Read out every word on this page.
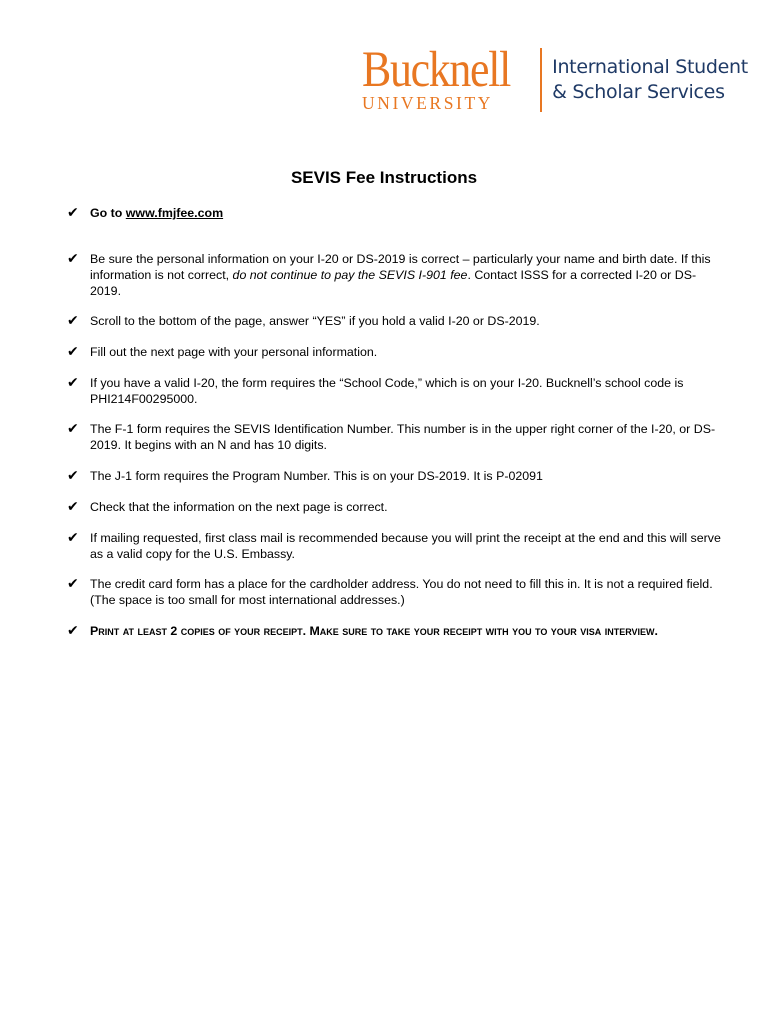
Bucknell
UNIVERSITY
International Student
& Scholar Services
SEVIS Fee Instructions
✔ Go to www.fmjfee.com
✔ Be sure the personal information on your I-20 or DS-2019 is correct – particularly your name and birth date. If this information is not correct, do not continue to pay the SEVIS I-901 fee. Contact ISSS for a corrected I-20 or DS-2019.
✔ Scroll to the bottom of the page, answer “YES” if you hold a valid I-20 or DS-2019.
✔ Fill out the next page with your personal information.
✔ If you have a valid I-20, the form requires the “School Code,” which is on your I-20. Bucknell’s school code is PHI214F00295000.
✔ The F-1 form requires the SEVIS Identification Number. This number is in the upper right corner of the I-20, or DS-2019. It begins with an N and has 10 digits.
✔ The J-1 form requires the Program Number. This is on your DS-2019. It is P-02091
✔ Check that the information on the next page is correct.
✔ If mailing requested, first class mail is recommended because you will print the receipt at the end and this will serve as a valid copy for the U.S. Embassy.
✔ The credit card form has a place for the cardholder address. You do not need to fill this in. It is not a required field. (The space is too small for most international addresses.)
✔ Print at least 2 copies of your receipt. Make sure to take your receipt with you to your visa interview.
